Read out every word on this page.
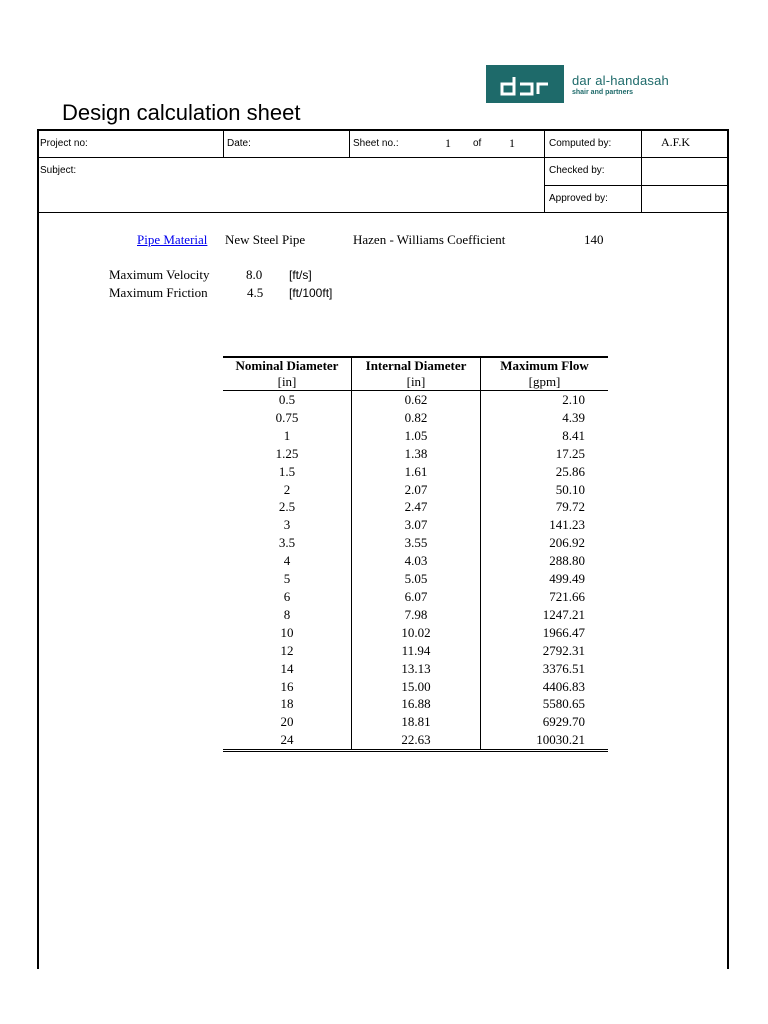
dar al-handasah
shair and partners
Design calculation sheet
Project no:	Date:	Sheet no.:	1 of 1	Computed by:	A.F.K
Subject:	Checked by:
Approved by:
Pipe Material New Steel Pipe	Hazen - Williams Coefficient	140
Maximum Velocity	8.0 [ft/s]
Maximum Friction	4.5 [ft/100ft]
Nominal Diameter	Internal Diameter	Maximum Flow
[in]	[in]	[gpm]
0.5	0.62	2.10
0.75	0.82	4.39
1	1.05	8.41
1.25	1.38	17.25
1.5	1.61	25.86
2	2.07	50.10
2.5	2.47	79.72
3	3.07	141.23
3.5	3.55	206.92
4	4.03	288.80
5	5.05	499.49
6	6.07	721.66
8	7.98	1247.21
10	10.02	1966.47
12	11.94	2792.31
14	13.13	3376.51
16	15.00	4406.83
18	16.88	5580.65
20	18.81	6929.70
24	22.63	10030.21
